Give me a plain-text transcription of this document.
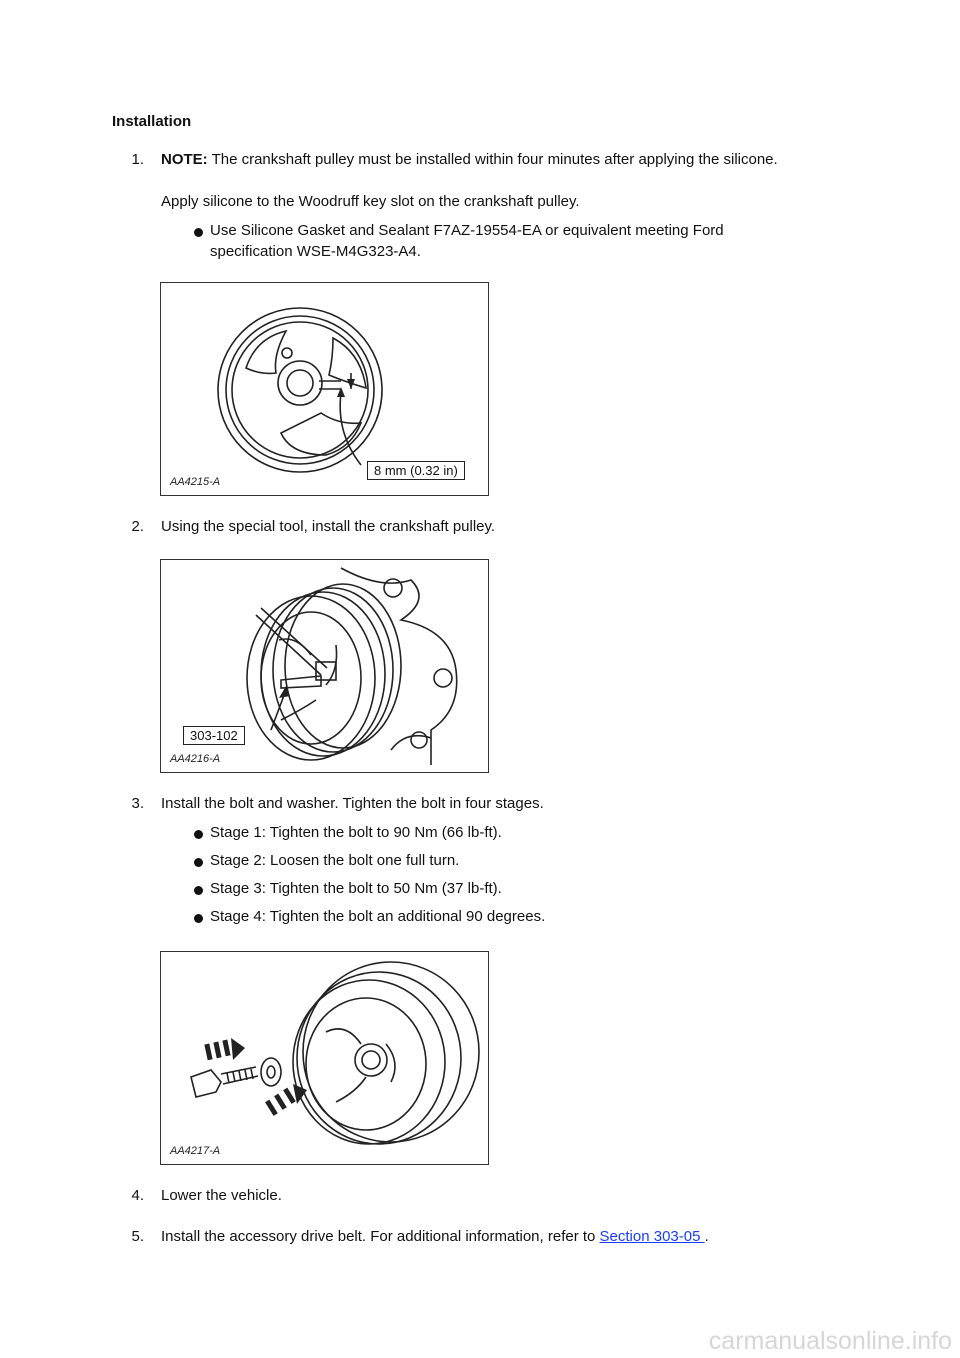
Installation
1. NOTE: The crankshaft pulley must be installed within four minutes after applying the silicone.
Apply silicone to the Woodruff key slot on the crankshaft pulley.
Use Silicone Gasket and Sealant F7AZ-19554-EA or equivalent meeting Ford
specification WSE-M4G323-A4.
AA4215-A
8 mm (0.32 in)
2. Using the special tool, install the crankshaft pulley.
303-102
AA4216-A
3. Install the bolt and washer. Tighten the bolt in four stages.
Stage 1: Tighten the bolt to 90 Nm (66 lb-ft).
Stage 2: Loosen the bolt one full turn.
Stage 3: Tighten the bolt to 50 Nm (37 lb-ft).
Stage 4: Tighten the bolt an additional 90 degrees.
AA4217-A
4. Lower the vehicle.
5. Install the accessory drive belt. For additional information, refer to Section 303-05 .
carmanualsonline.info
